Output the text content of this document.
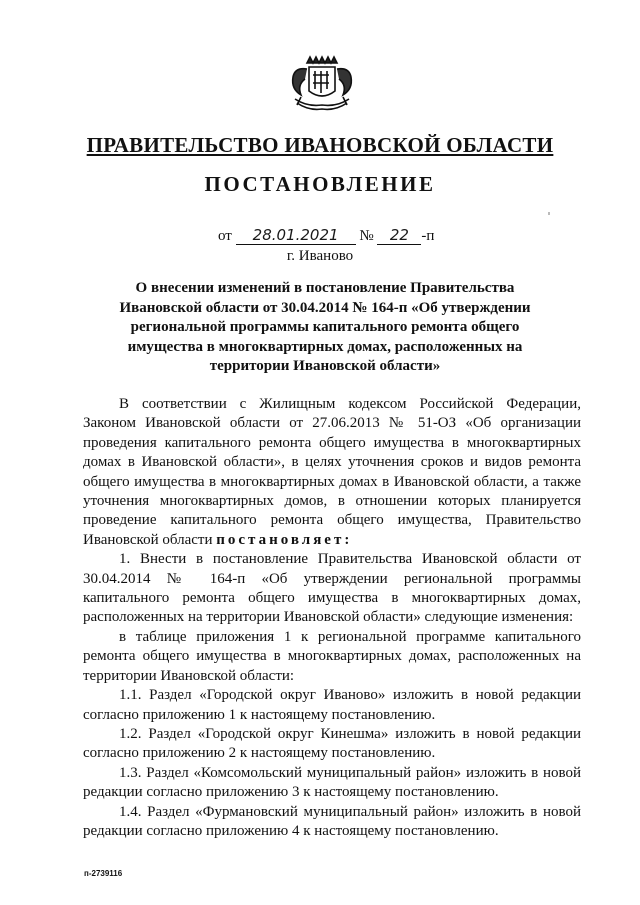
ПРАВИТЕЛЬСТВО ИВАНОВСКОЙ ОБЛАСТИ
ПОСТАНОВЛЕНИЕ
от 28.01.2021 № 22 -п
г. Иваново
О внесении изменений в постановление Правительства Ивановской области от 30.04.2014 № 164-п «Об утверждении региональной программы капитального ремонта общего имущества в многоквартирных домах, расположенных на территории Ивановской области»

В соответствии с Жилищным кодексом Российской Федерации, Законом Ивановской области от 27.06.2013 № 51-ОЗ «Об организации проведения капитального ремонта общего имущества в многоквартирных домах в Ивановской области», в целях уточнения сроков и видов ремонта общего имущества в многоквартирных домах в Ивановской области, а также уточнения многоквартирных домов, в отношении которых планируется проведение капитального ремонта общего имущества, Правительство Ивановской области постановляет:

1. Внести в постановление Правительства Ивановской области от 30.04.2014 № 164-п «Об утверждении региональной программы капитального ремонта общего имущества в многоквартирных домах, расположенных на территории Ивановской области» следующие изменения:

в таблице приложения 1 к региональной программе капитального ремонта общего имущества в многоквартирных домах, расположенных на территории Ивановской области:

1.1. Раздел «Городской округ Иваново» изложить в новой редакции согласно приложению 1 к настоящему постановлению.

1.2. Раздел «Городской округ Кинешма» изложить в новой редакции согласно приложению 2 к настоящему постановлению.

1.3. Раздел «Комсомольский муниципальный район» изложить в новой редакции согласно приложению 3 к настоящему постановлению.

1.4. Раздел «Фурмановский муниципальный район» изложить в новой редакции согласно приложению 4 к настоящему постановлению.

п-2739116
